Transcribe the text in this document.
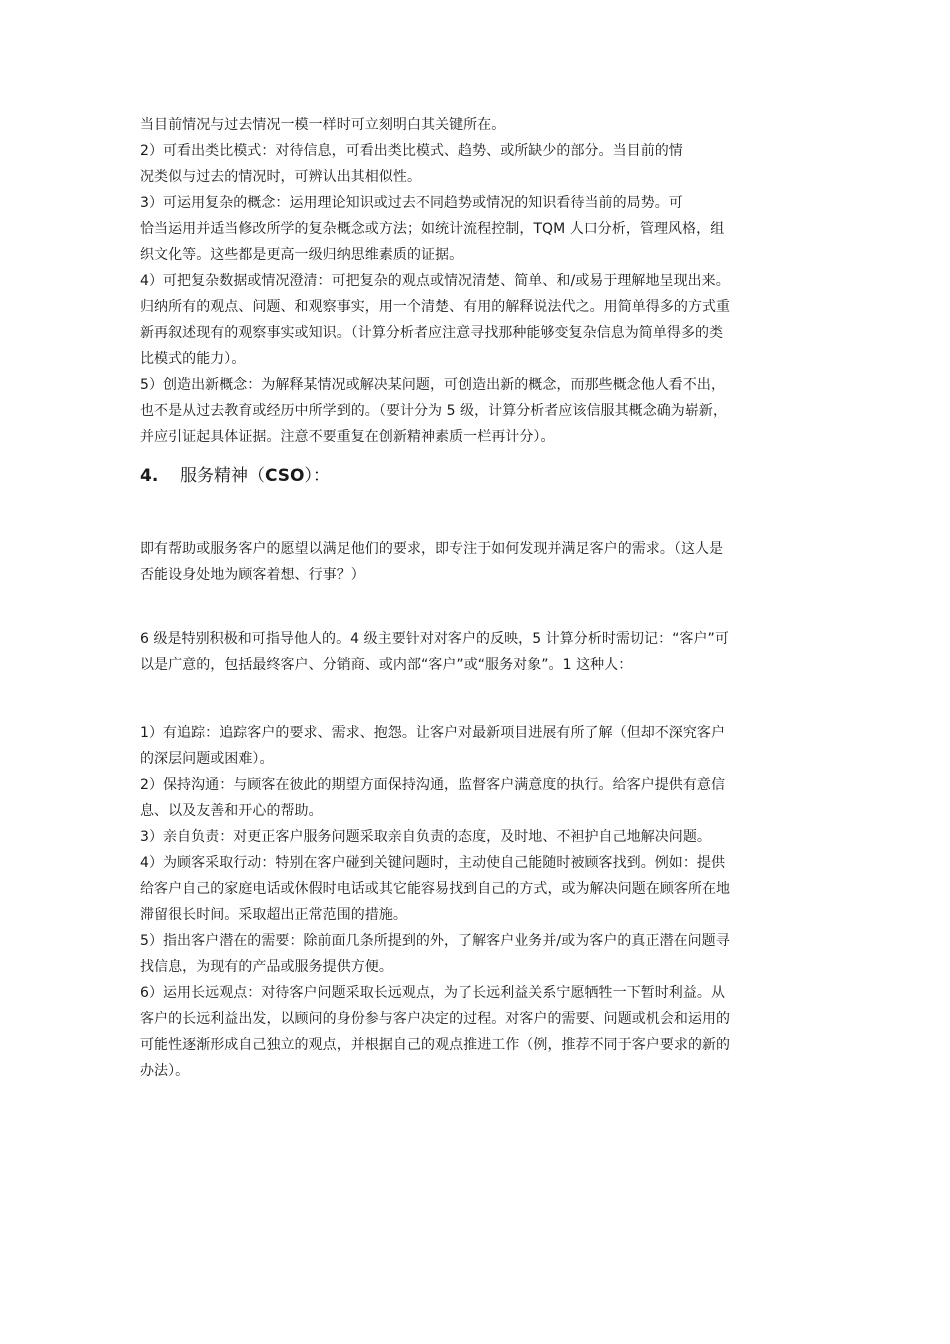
当目前情况与过去情况一模一样时可立刻明白其关键所在。
2）可看出类比模式：对待信息，可看出类比模式、趋势、或所缺少的部分。当目前的情
况类似与过去的情况时，可辨认出其相似性。
3）可运用复杂的概念：运用理论知识或过去不同趋势或情况的知识看待当前的局势。可
恰当运用并适当修改所学的复杂概念或方法；如统计流程控制，TQM 人口分析，管理风格，组
织文化等。这些都是更高一级归纳思维素质的证据。
4）可把复杂数据或情况澄清：可把复杂的观点或情况清楚、简单、和/或易于理解地呈现出来。
归纳所有的观点、问题、和观察事实，用一个清楚、有用的解释说法代之。用简单得多的方式重
新再叙述现有的观察事实或知识。（计算分析者应注意寻找那种能够变复杂信息为简单得多的类
比模式的能力）。
5）创造出新概念：为解释某情况或解决某问题，可创造出新的概念，而那些概念他人看不出，
也不是从过去教育或经历中所学到的。（要计分为 5 级，计算分析者应该信服其概念确为崭新，
并应引证起具体证据。注意不要重复在创新精神素质一栏再计分）。
4. 服务精神（CSO）：
即有帮助或服务客户的愿望以满足他们的要求，即专注于如何发现并满足客户的需求。（这人是
否能设身处地为顾客着想、行事？）
6 级是特别积极和可指导他人的。4 级主要针对对客户的反映，5 计算分析时需切记：“客户”可
以是广意的，包括最终客户、分销商、或内部“客户”或“服务对象”。1 这种人：
1）有追踪：追踪客户的要求、需求、抱怨。让客户对最新项目进展有所了解（但却不深究客户
的深层问题或困难）。
2）保持沟通：与顾客在彼此的期望方面保持沟通，监督客户满意度的执行。给客户提供有意信
息、以及友善和开心的帮助。
3）亲自负责：对更正客户服务问题采取亲自负责的态度，及时地、不袒护自己地解决问题。
4）为顾客采取行动：特别在客户碰到关键问题时，主动使自己能随时被顾客找到。例如：提供
给客户自己的家庭电话或休假时电话或其它能容易找到自己的方式，或为解决问题在顾客所在地
滞留很长时间。采取超出正常范围的措施。
5）指出客户潜在的需要：除前面几条所提到的外，了解客户业务并/或为客户的真正潜在问题寻
找信息，为现有的产品或服务提供方便。
6）运用长远观点：对待客户问题采取长远观点，为了长远利益关系宁愿牺牲一下暂时利益。从
客户的长远利益出发，以顾问的身份参与客户决定的过程。对客户的需要、问题或机会和运用的
可能性逐渐形成自己独立的观点，并根据自己的观点推进工作（例，推荐不同于客户要求的新的
办法）。
